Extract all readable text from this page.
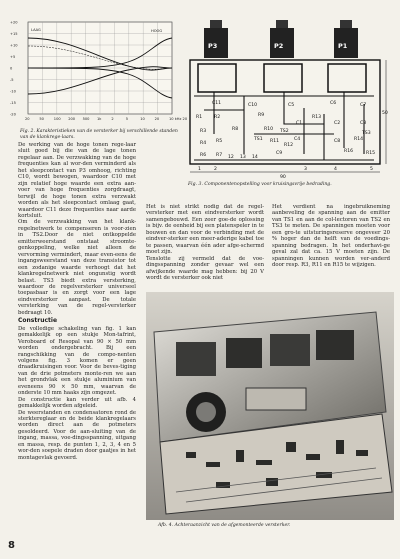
LAAG	HOOG
+20
+15
+10
+5
0
-5
-10
-15
-20
20	50	100 200 500 1k	2	5	10	20	10 kHz 20
Fig. 2. Karakteristieken van de versterker bij verschillende standen van de klankrege-laars.
P3	P2	P1
C11	C10	C5	C6	C7
C1	C2	C3
C4	C8
C9
R1	R2
R3
R4 R5
R6 R7
R8
R9
R10
R11
R12
R13
R14
R15
R16
TS1
TS2	TS3
12 13 14
1	2	3	4	5
90
50
Fig. 3. Componentenopstelling voor kruisingsvrije bedrading.

De werking van de hoge tonen rege-laar sluit goed bij die van de lage tonen regelaar aan. De verzwakking van de hoge frequenties kan al wor-den verminderd als het sleepcontact van P3 omhoog, richting C10, wordt bewogen, waardoor C10 met zijn relatief hoge waarde een extra aan-voer van hoge frequenties zorgdraagt, terwijl de hoge tonen extra verzwakt worden als het sleepcontact omlaag gaat, waardoor C11 deze frequenties naar aarde kortsluit.

Om de verzwakking van het klank-regelnetwerk te compenseren is voor-zien in TS2.Door de niet ontkoppelde emitterweerstand ontstaat stroomte-genkoppeling, welke niet alleen de vervorming vermindert, maar even-eens de ingangsweerstand van deze transistor tot een zodanige waarde verhoogt dat het klankregelnetwerk niet ongunstig wordt belast. TS3 biedt extra versterking, waardoor de regelversterker universeel toepasbaar is en zorgt voor een lage eindversterker aanpast. De totale versterking van de regel-versterker bedraagt 10.

Constructie

De volledige schakeling van fig. 1 kan gemakkelijk op een stukje Mon-tafrint, Veroboard of Resopal van 90 × 50 mm worden ondergebracht. Bij een rangschikking van de compo-nenten volgens fig. 3 komen er geen draadkruisingen voor. Voor de beves-tiging van de drie potmeters monte-ren we aan het grondvlak een stukje aluminium van eveneens 90 × 50 mm, waarvan de onderste 10 mm haaks zijn omgezet.

De constructie kan verder uit afb. 4 gemakkelijk worden afgeleid.

De weerstanden en condensatoren rond de sterktereglaar en de beide klankregelaars worden direct aan de potmeters gesoldeerd. Voor de aan-sluiting van de ingang, massa, voe-dingsspanning, uitgang en massa, resp. de punten 1, 2, 3, 4 en 5 wor-den soepele draden door gaatjes in het montagevlak gevoerd.

Het is niet strikt nodig dat de regel-versterker met een eindversterker wordt samengebouwd. Een zeer goe-de oplossing is bijv. de eenheid bij een platenspeler in te bouwen en dan voor de verbinding met de eindver-sterker een meer-aderige kabel toe te passen, waarvan één ader afge-schermd moet zijn.

Tenslotte zij vermeld dat de voe-dingsspanning zonder gevaar wel een afwijkende waarde mag hebben: bij 20 V wordt de versterker ook niet

Het verdient na ingebruikneming aanbeveling de spanning aan de emitter van TS1 en aan de col-lectoren van TS2 en TS3 te meten. De spanningen moeten voor een gro-te uitsturingsreserve ongeveer 20 % hoger dan de helft van de voedings-spanning bedragen. In het onderhavi-ge geval zal dat ca. 15 V moeten zijn. De spanningen kunnen worden ver-anderd door resp. R3, R11 en R15 te wijzigen.

Afb. 4. Achteraanzicht van de afgemonteerde versterker.
8
